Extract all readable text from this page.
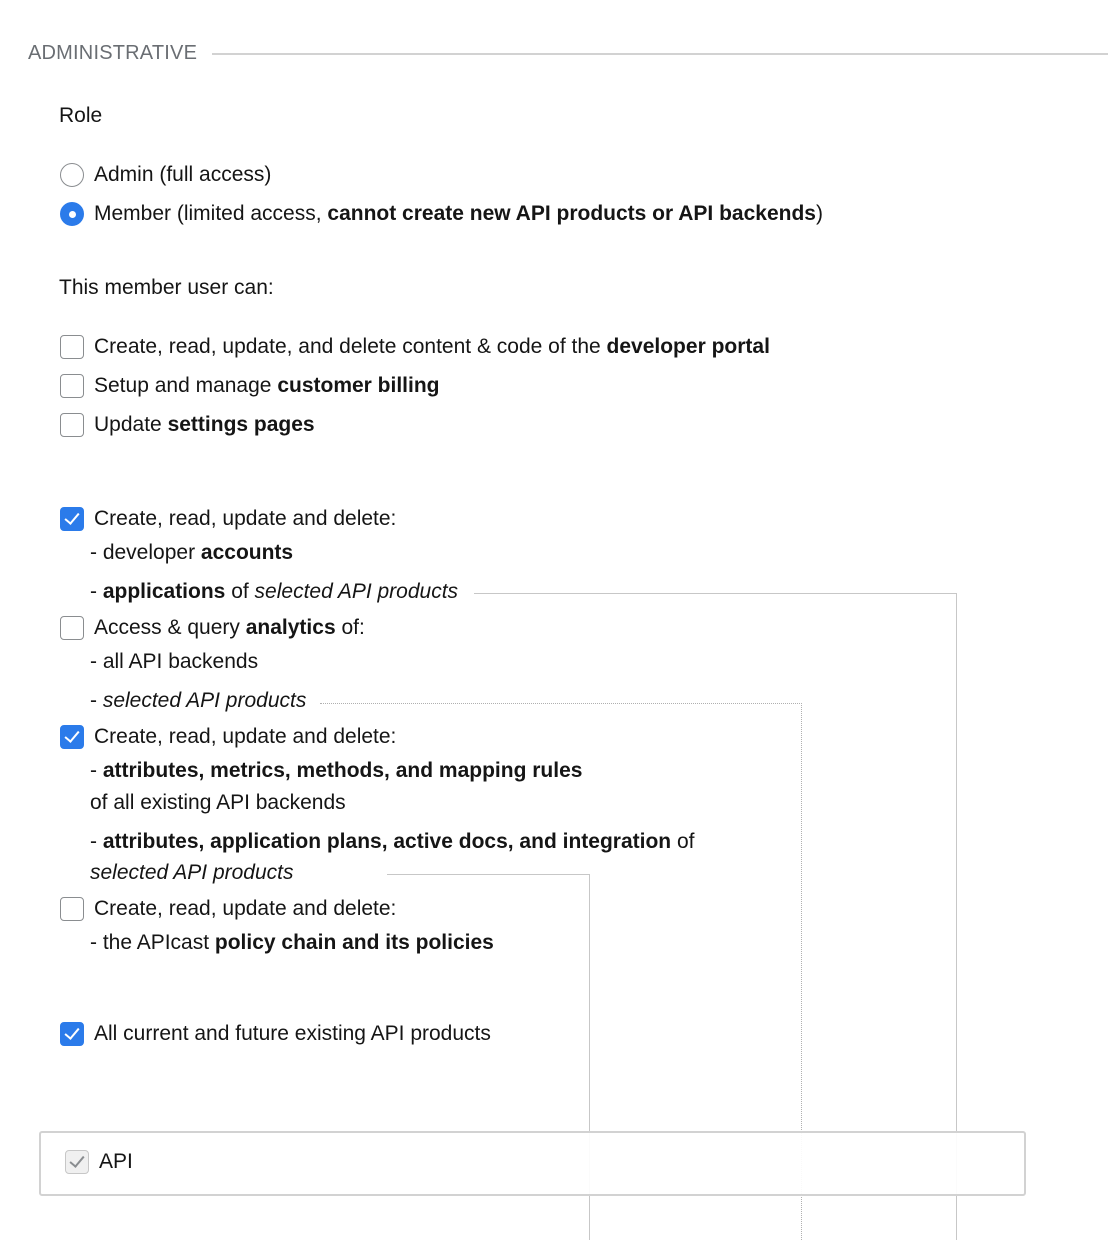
ADMINISTRATIVE
Role
Admin (full access)
Member (limited access, cannot create new API products or API backends)
This member user can:
Create, read, update, and delete content & code of the developer portal
Setup and manage customer billing
Update settings pages
Create, read, update and delete:
- developer accounts
- applications of selected API products
Access & query analytics of:
- all API backends
- selected API products
Create, read, update and delete:
- attributes, metrics, methods, and mapping rules
of all existing API backends
- attributes, application plans, active docs, and integration of
selected API products
Create, read, update and delete:
- the APIcast policy chain and its policies
All current and future existing API products
API
